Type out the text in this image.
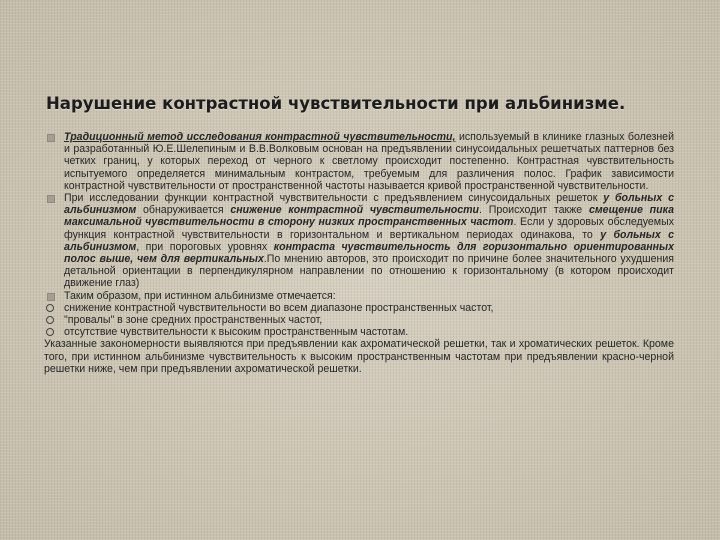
Нарушение контрастной чувствительности при альбинизме.
Традиционный метод исследования контрастной чувствительности, используемый в клинике глазных болезней и разработанный Ю.Е.Шелепиным и В.В.Волковым основан на предъявлении синусоидальных решетчатых паттернов без четких границ, у которых переход от черного к светлому происходит постепенно. Контрастная чувствительность испытуемого определяется минимальным контрастом, требуемым для различения полос. График зависимости контрастной чувствительности от пространственной частоты называется кривой пространственной чувствительности.
При исследовании функции контрастной чувствительности с предъявлением синусоидальных решеток у больных с альбинизмом обнаруживается снижение контрастной чувствительности. Происходит также смещение пика максимальной чувствительности в сторону низких пространственных частот. Если у здоровых обследуемых функция контрастной чувствительности в горизонтальном и вертикальном периодах одинакова, то у больных с альбинизмом, при пороговых уровнях контраста чувствительность для горизонтально ориентированных полос выше, чем для вертикальных.По мнению авторов, это происходит по причине более значительного ухудшения детальной ориентации в перпендикулярном направлении по отношению к горизонтальному (в котором происходит движение глаз)
Таким образом, при истинном альбинизме отмечается:
снижение контрастной чувствительности во всем диапазоне пространственных частот,
"провалы" в зоне средних пространственных частот,
отсутствие чувствительности к высоким пространственным частотам.
Указанные закономерности выявляются при предъявлении как ахроматической решетки, так и хроматических решеток. Кроме того, при истинном альбинизме чувствительность к высоким пространственным частотам при предъявлении красно-черной решетки ниже, чем при предъявлении ахроматической решетки.
